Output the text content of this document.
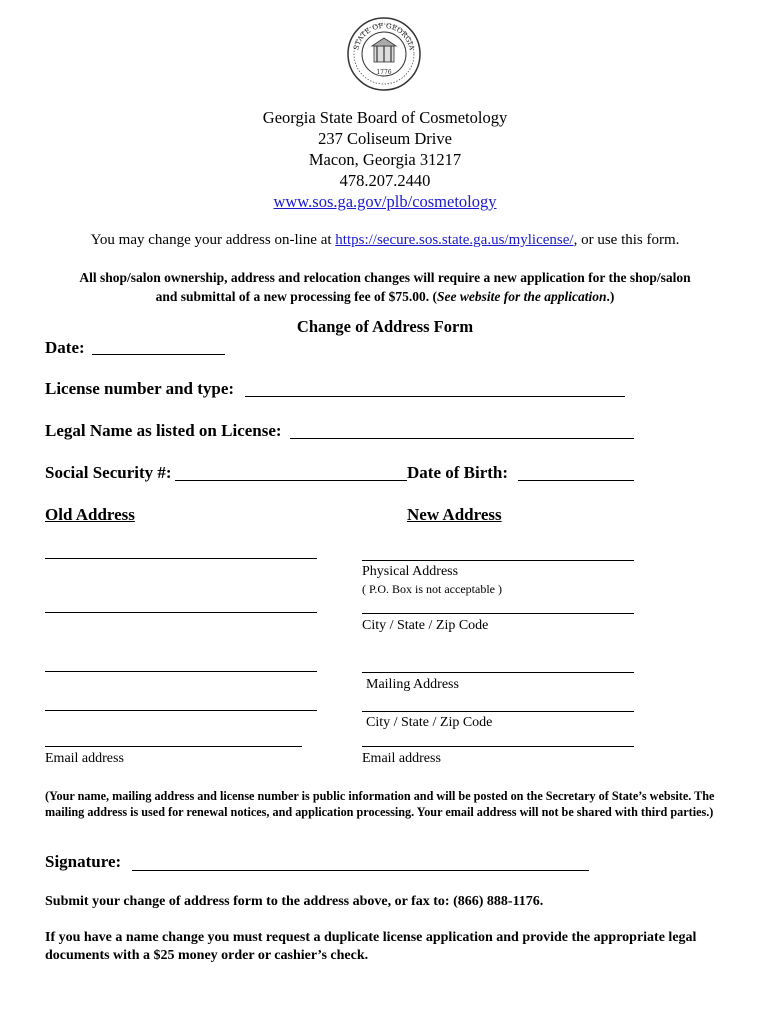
STATE OF GEORGIA
1776
Georgia State Board of Cosmetology
237 Coliseum Drive
Macon, Georgia 31217
478.207.2440
www.sos.ga.gov/plb/cosmetology
You may change your address on-line at https://secure.sos.state.ga.us/mylicense/, or use this form.
All shop/salon ownership, address and relocation changes will require a new application for the shop/salon
and submittal of a new processing fee of $75.00. (See website for the application.)
Change of Address Form
Date:
License number and type:
Legal Name as listed on License:
Social Security #:	Date of Birth:
Old Address	New Address
Email address
Physical Address
( P.O. Box is not acceptable )
City / State / Zip Code
Mailing Address
City / State / Zip Code
Email address
(Your name, mailing address and license number is public information and will be posted on the Secretary of State’s website. The mailing address is used for renewal notices, and application processing. Your email address will not be shared with third parties.)
Signature:
Submit your change of address form to the address above, or fax to: (866) 888-1176.
If you have a name change you must request a duplicate license application and provide the appropriate legal documents with a $25 money order or cashier’s check.
